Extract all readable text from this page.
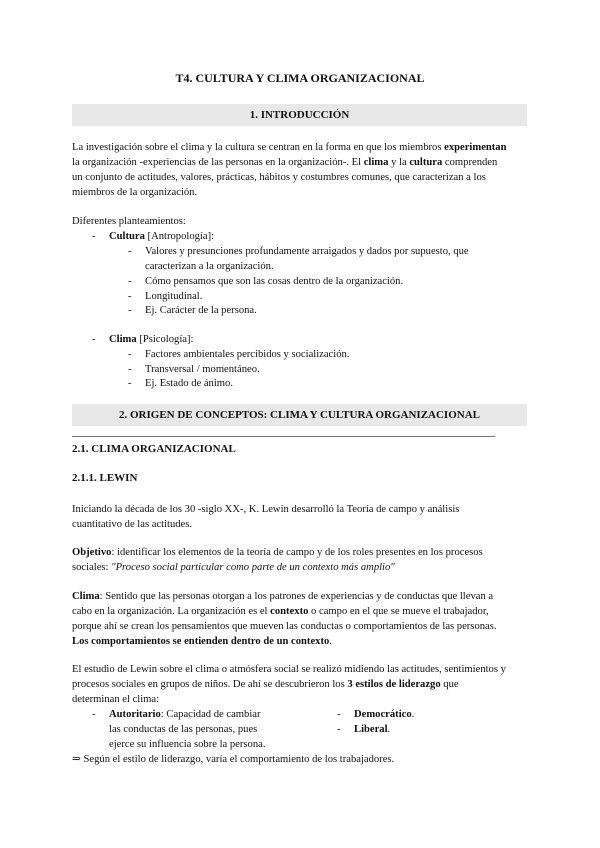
T4. CULTURA Y CLIMA ORGANIZACIONAL
1. INTRODUCCIÓN
La investigación sobre el clima y la cultura se centran en la forma en que los miembros experimentan
la organización -experiencias de las personas en la organización-. El clima y la cultura comprenden
un conjunto de actitudes, valores, prácticas, hábitos y costumbres comunes, que caracterizan a los
miembros de la organización.
Diferentes planteamientos:
- Cultura [Antropología]:
- Valores y presunciones profundamente arraigados y dados por supuesto, que
caracterizan a la organización.
- Cómo pensamos que son las cosas dentro de la organización.
- Longitudinal.
- Ej. Carácter de la persona.
- Clima [Psicología]:
- Factores ambientales percibidos y socialización.
- Transversal / momentáneo.
- Ej. Estado de ánimo.
2. ORIGEN DE CONCEPTOS: CLIMA Y CULTURA ORGANIZACIONAL
2.1. CLIMA ORGANIZACIONAL
2.1.1. LEWIN
Iniciando la década de los 30 -siglo XX-, K. Lewin desarrolló la Teoría de campo y análisis
cuantitativo de las actitudes.
Objetivo: identificar los elementos de la teoría de campo y de los roles presentes en los procesos
sociales: "Proceso social particular como parte de un contexto más amplio"
Clima: Sentido que las personas otorgan a los patrones de experiencias y de conductas que llevan a
cabo en la organización. La organización es el contexto o campo en el que se mueve el trabajador,
porque ahí se crean los pensamientos que mueven las conductas o comportamientos de las personas.
Los comportamientos se entienden dentro de un contexto.
El estudio de Lewin sobre el clima o atmósfera social se realizó midiendo las actitudes, sentimientos y
procesos sociales en grupos de niños. De ahí se descubrieron los 3 estilos de liderazgo que
determinan el clima:
- Autoritario: Capacidad de cambiar
las conductas de las personas, pues
ejerce su influencia sobre la persona.
- Democrático.
- Liberal.
⇒ Según el estilo de liderazgo, varía el comportamiento de los trabajadores.
